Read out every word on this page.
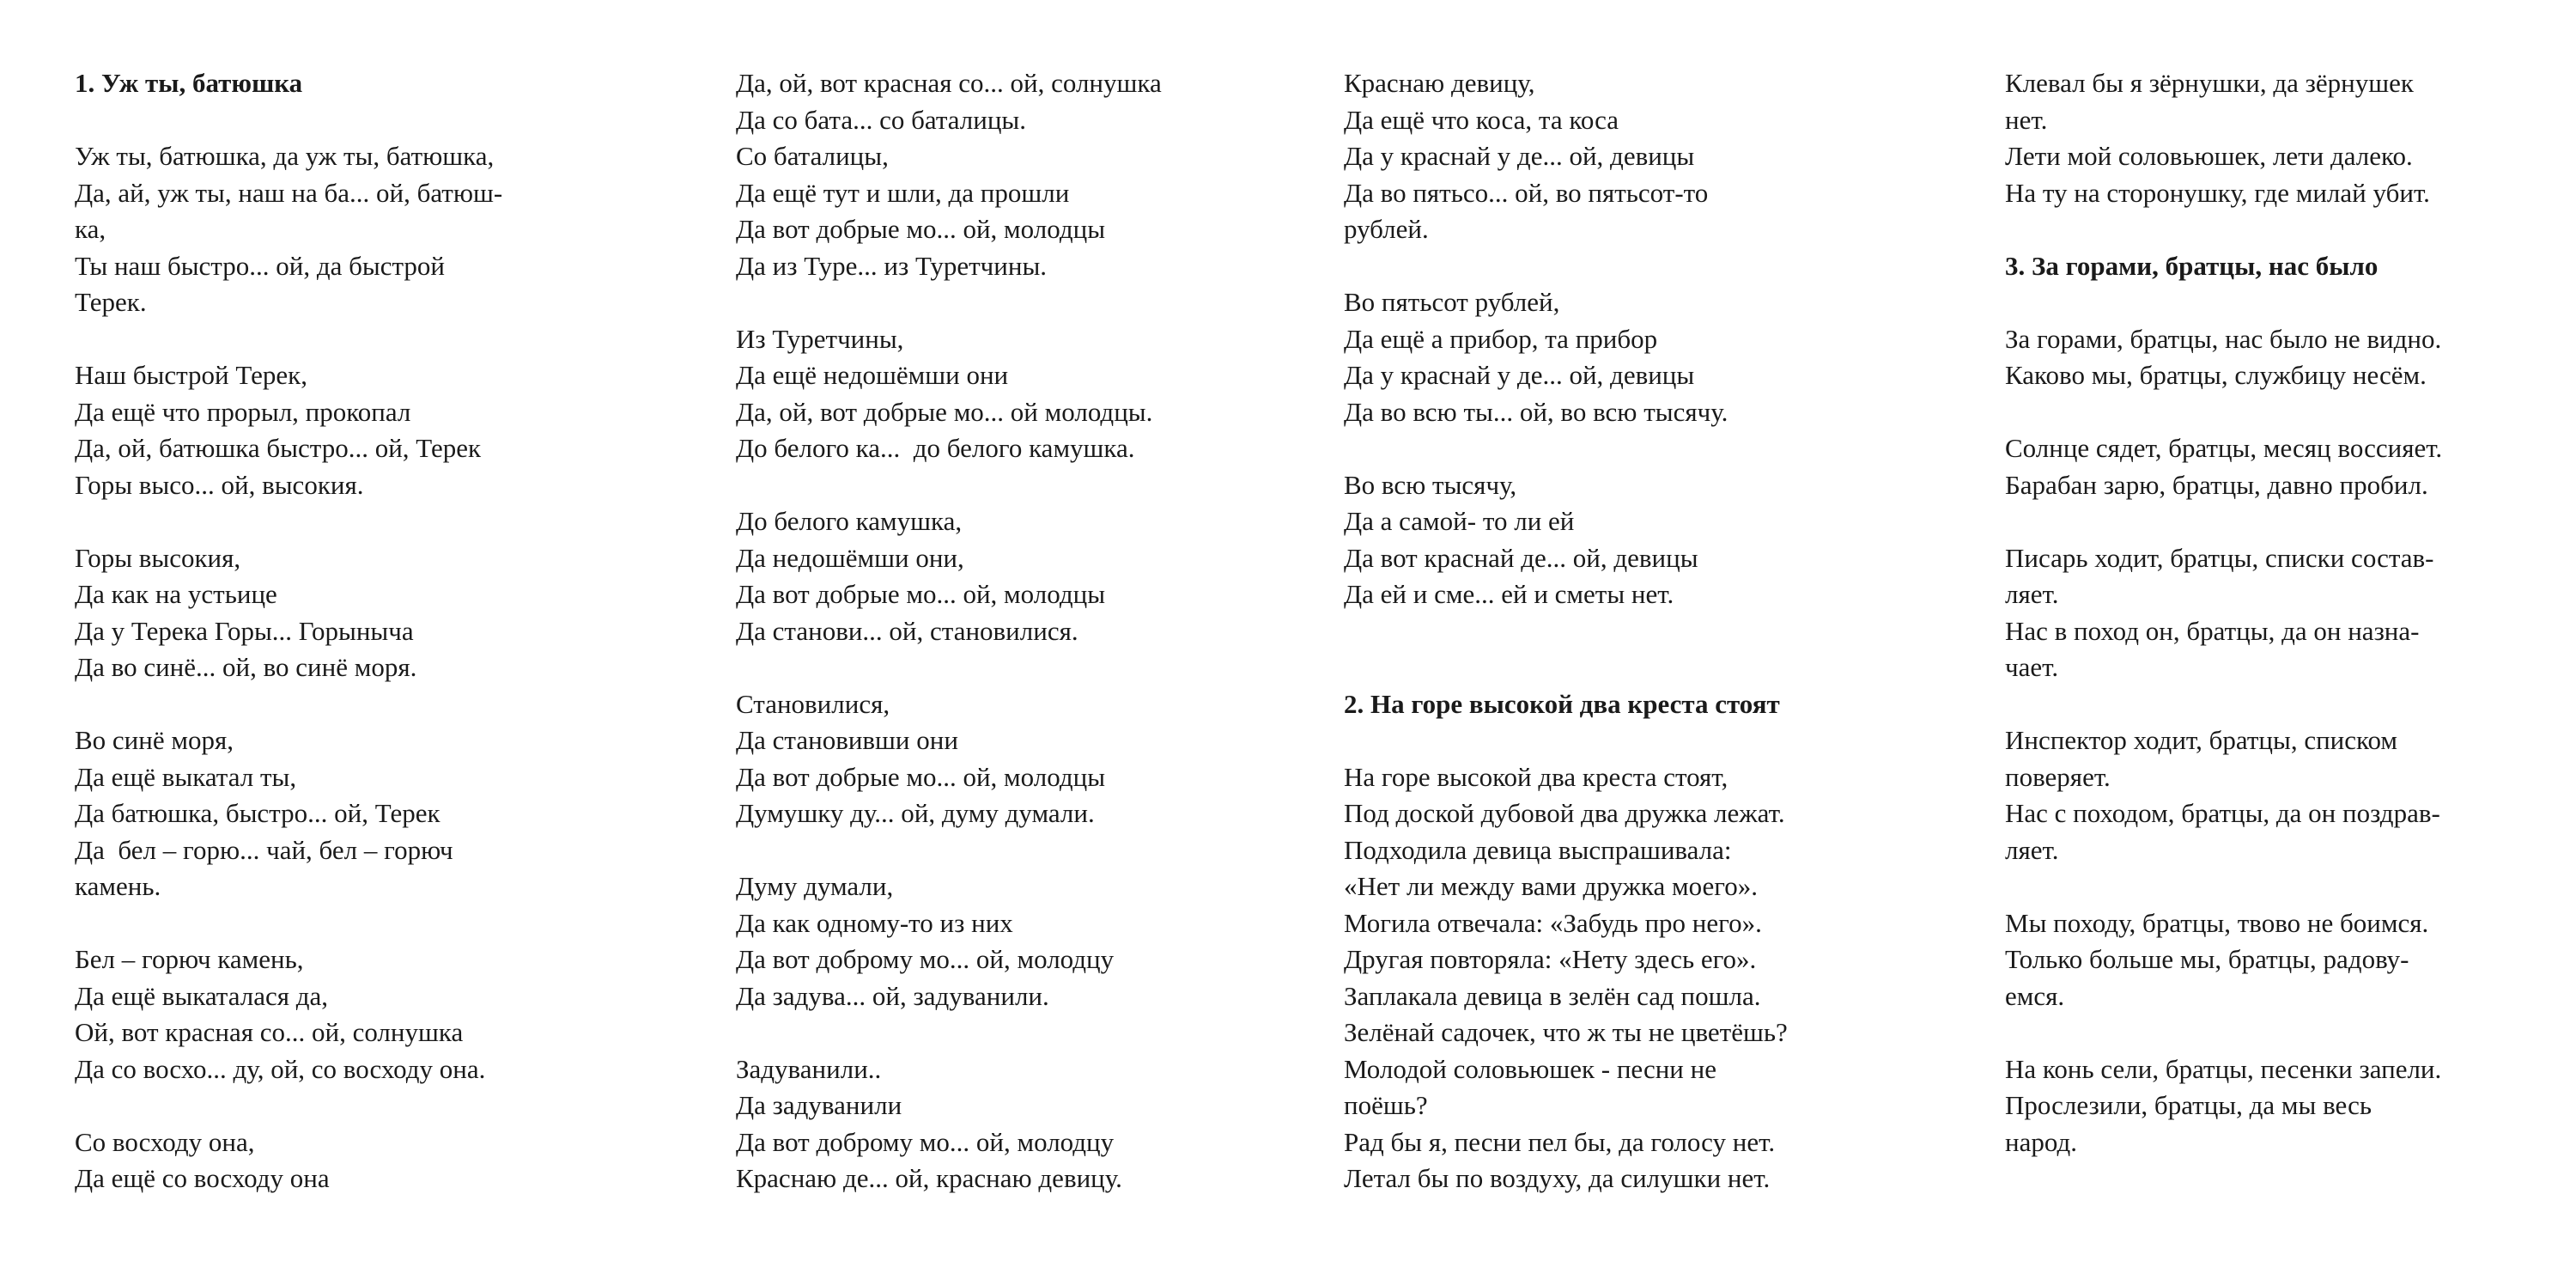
1. Уж ты, батюшка
Уж ты, батюшка, да уж ты, батюшка,
Да, ай, уж ты, наш на ба... ой, батюш-
ка,
Ты наш быстро... ой, да быстрой
Терек.
Наш быстрой Терек,
Да ещё что прорыл, прокопал
Да, ой, батюшка быстро... ой, Терек
Горы высо... ой, высокия.
Горы высокия,
Да как на устьице
Да у Терека Горы... Горыныча
Да во синё... ой, во синё моря.
Во синё моря,
Да ещё выкатал ты,
Да батюшка, быстро... ой, Терек
Да  бел – горю... чай, бел – горюч
камень.
Бел – горюч камень,
Да ещё выкаталася да,
Ой, вот красная со... ой, солнушка
Да со восхо... ду, ой, со восходу она.
Со восходу она,
Да ещё со восходу она
Да, ой, вот красная со... ой, солнушка
Да со бата... со баталицы.
Со баталицы,
Да ещё тут и шли, да прошли
Да вот добрые мо... ой, молодцы
Да из Туре... из Туретчины.
Из Туретчины,
Да ещё недошёмши они
Да, ой, вот добрые мо... ой молодцы.
До белого ка...  до белого камушка.
До белого камушка,
Да недошёмши они,
Да вот добрые мо... ой, молодцы
Да станови... ой, становилися.
Становилися,
Да становивши они
Да вот добрые мо... ой, молодцы
Думушку ду... ой, думу думали.
Думу думали,
Да как одному-то из них
Да вот доброму мо... ой, молодцу
Да задува... ой, задуванили.
Задуванили..
Да задуванили
Да вот доброму мо... ой, молодцу
Краснаю де... ой, краснаю девицу.
Краснаю девицу,
Да ещё что коса, та коса
Да у краснай у де... ой, девицы
Да во пятьсо... ой, во пятьсот-то
рублей.
Во пятьсот рублей,
Да ещё а прибор, та прибор
Да у краснай у де... ой, девицы
Да во всю ты... ой, во всю тысячу.
Во всю тысячу,
Да а самой- то ли ей
Да вот краснай де... ой, девицы
Да ей и сме... ей и сметы нет.
2. На горе высокой два креста стоят
На горе высокой два креста стоят,
Под доской дубовой два дружка лежат.
Подходила девица выспрашивала:
«Нет ли между вами дружка моего».
Могила отвечала: «Забудь про него».
Другая повторяла: «Нету здесь его».
Заплакала девица в зелён сад пошла.
Зелёнай садочек, что ж ты не цветёшь?
Молодой соловьюшек - песни не
поёшь?
Рад бы я, песни пел бы, да голосу нет.
Летал бы по воздуху, да силушки нет.
Клевал бы я зёрнушки, да зёрнушек
нет.
Лети мой соловьюшек, лети далеко.
На ту на сторонушку, где милай убит.
3. За горами, братцы, нас было
За горами, братцы, нас было не видно.
Каково мы, братцы, службицу несём.
Солнце сядет, братцы, месяц воссияет.
Барабан зарю, братцы, давно пробил.
Писарь ходит, братцы, списки состав-
ляет.
Нас в поход он, братцы, да он назна-
чает.
Инспектор ходит, братцы, списком
поверяет.
Нас с походом, братцы, да он поздрав-
ляет.
Мы походу, братцы, твово не боимся.
Только больше мы, братцы, радову-
емся.
На конь сели, братцы, песенки запели.
Прослезили, братцы, да мы весь
народ.
